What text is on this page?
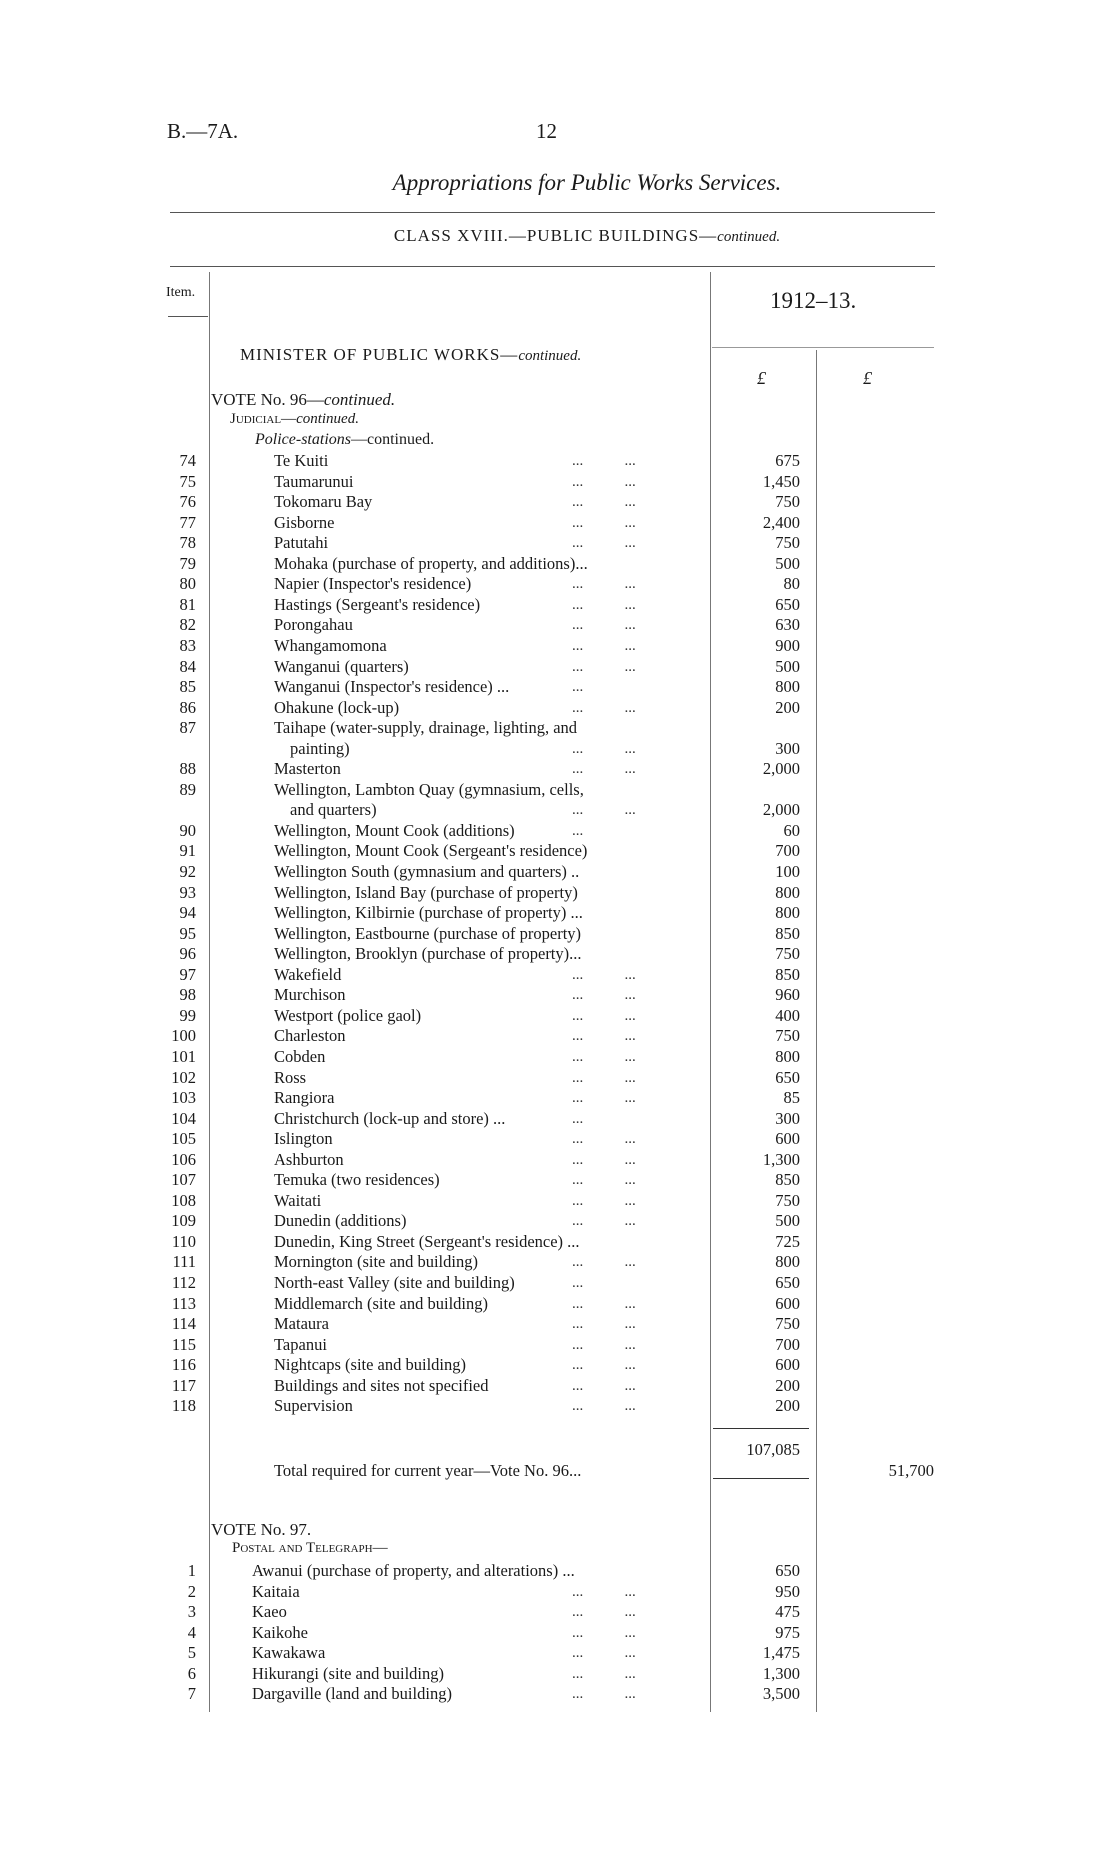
B.—7A.	12
Appropriations for Public Works Services.
CLASS XVIII.—PUBLIC BUILDINGS—continued.
Item.	1912–13.
£	£
MINISTER OF PUBLIC WORKS—continued.
VOTE No. 96—continued.
Judicial—continued.
Police-stations—continued.
74	Te Kuiti	...           ...	675
75	Taumarunui	...           ...	1,450
76	Tokomaru Bay	...           ...	750
77	Gisborne	...           ...	2,400
78	Patutahi	...           ...	750
79	Mohaka (purchase of property, and additions)...	500
80	Napier (Inspector's residence)	...           ...	80
81	Hastings (Sergeant's residence)	...           ...	650
82	Porongahau	...           ...	630
83	Whangamomona	...           ...	900
84	Wanganui (quarters)	...           ...	500
85	Wanganui (Inspector's residence) ...	...	800
86	Ohakune (lock-up)	...           ...	200
87	Taihape (water-supply, drainage, lighting, and
painting)	...           ...	300
88	Masterton	...           ...	2,000
89	Wellington, Lambton Quay (gymnasium, cells,
and quarters)	...           ...	2,000
90	Wellington, Mount Cook (additions)	...	60
91	Wellington, Mount Cook (Sergeant's residence)	700
92	Wellington South (gymnasium and quarters) ..	100
93	Wellington, Island Bay (purchase of property)	800
94	Wellington, Kilbirnie (purchase of property) ...	800
95	Wellington, Eastbourne (purchase of property)	850
96	Wellington, Brooklyn (purchase of property)...	750
97	Wakefield	...           ...	850
98	Murchison	...           ...	960
99	Westport (police gaol)	...           ...	400
100	Charleston	...           ...	750
101	Cobden	...           ...	800
102	Ross	...           ...	650
103	Rangiora	...           ...	85
104	Christchurch (lock-up and store) ...	...	300
105	Islington	...           ...	600
106	Ashburton	...           ...	1,300
107	Temuka (two residences)	...           ...	850
108	Waitati	...           ...	750
109	Dunedin (additions)	...           ...	500
110	Dunedin, King Street (Sergeant's residence) ...	725
111	Mornington (site and building)	...           ...	800
112	North-east Valley (site and building)	...	650
113	Middlemarch (site and building)	...           ...	600
114	Mataura	...           ...	750
115	Tapanui	...           ...	700
116	Nightcaps (site and building)	...           ...	600
117	Buildings and sites not specified	...           ...	200
118	Supervision	...           ...	200
107,085
Total required for current year—Vote No. 96...	51,700
VOTE No. 97.
Postal and Telegraph—
1	Awanui (purchase of property, and alterations) ...	650
2	Kaitaia	...           ...	950
3	Kaeo	...           ...	475
4	Kaikohe	...           ...	975
5	Kawakawa	...           ...	1,475
6	Hikurangi (site and building)	...           ...	1,300
7	Dargaville (land and building)	...           ...	3,500
